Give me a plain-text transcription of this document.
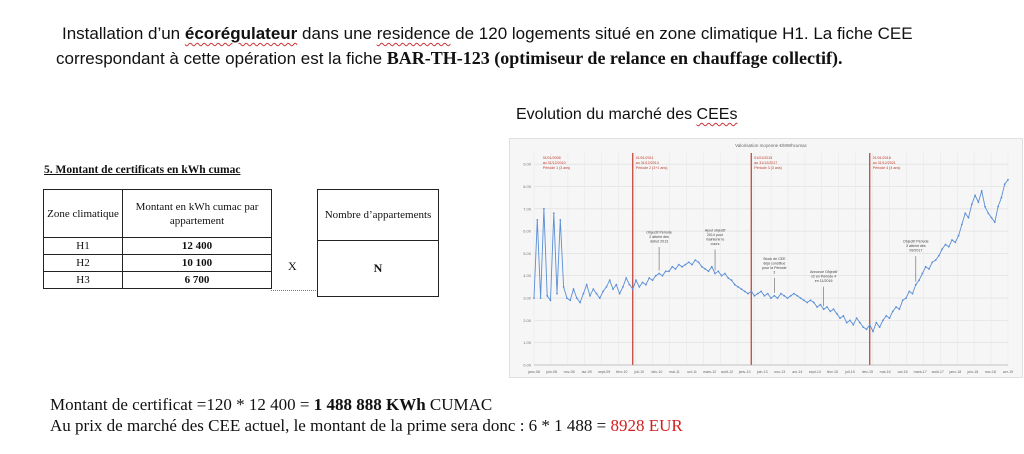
Installation d’un écorégulateur dans une residence de 120 logements situé en zone climatique H1. La fiche CEE
correspondant à cette opération est la fiche BAR-TH-123 (optimiseur de relance en chauffage collectif).
5. Montant de certificats en kWh cumac
Zone climatique	Montant en kWh cumac par appartement
H1	12 400
H2	10 100
H3	6 700
X
Nombre d’appartements
N
Evolution du marché des CEEs
Valorisation moyenne €/MWhcumac
0.00
1.00
2.00
3.00
4.00
5.00
6.00
7.00
8.00
9.00
01/01/2008
au 31/12/2010
Période 1 (3 ans)
01/01/2011
au 31/12/2014
Période 2 (3+1 ans)
01/01/2015
au 31/12/2017
Période 3 (3 ans)
01/01/2018
au 31/12/2021
Période 4 (4 ans)
Objectif Période
2 atteint dès
début 2013
Ajout objectif
2014 pour
maintenir le
cours
Stock de CEE
déjà constitué
pour la Période
3	Annonce Objectif
x2 en Période 4
en 11/2016
Objectif Période
3 atteint dès
09/2017
janv-08 juin-08 nov-08 avr-09 sept-09 févr-10 juil-10 déc-10 mai-11 oct-11 mars-12 août-12 janv-13 juin-13 nov-13 avr-14 sept-14 févr-15 juil-15 déc-15 mai-16 oct-16 mars-17 août-17 janv-18 juin-18 nov-18 avr-19
Montant de certificat =120 * 12 400 = 1 488 888 KWh CUMAC
Au prix de marché des CEE actuel, le montant de la prime sera donc : 6 * 1 488 = 8928 EUR
